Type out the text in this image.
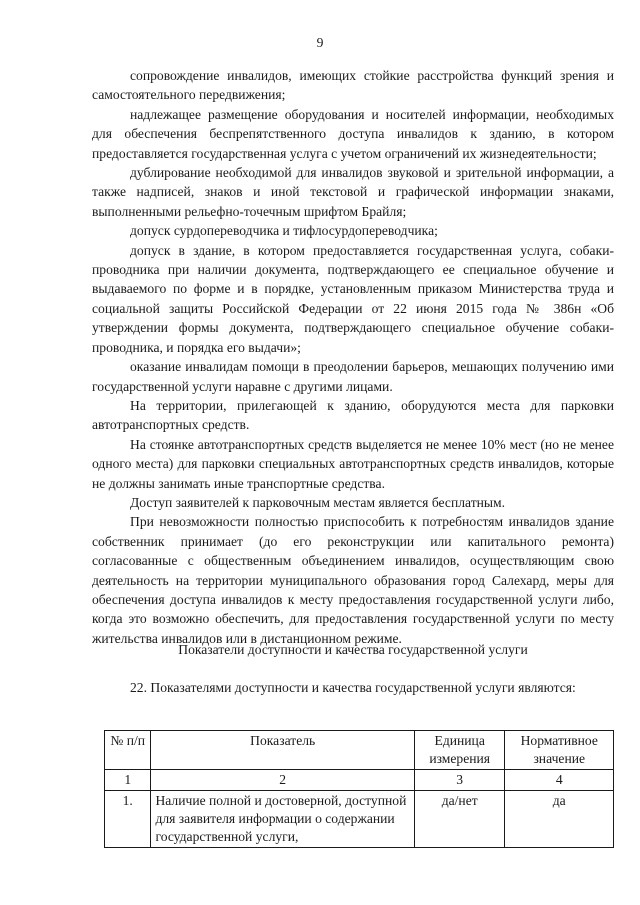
9

сопровождение инвалидов, имеющих стойкие расстройства функций зрения и самостоятельного передвижения;

надлежащее размещение оборудования и носителей информации, необходимых для обеспечения беспрепятственного доступа инвалидов к зданию, в котором предоставляется государственная услуга с учетом ограничений их жизнедеятельности;

дублирование необходимой для инвалидов звуковой и зрительной информации, а также надписей, знаков и иной текстовой и графической информации знаками, выполненными рельефно-точечным шрифтом Брайля;

допуск сурдопереводчика и тифлосурдопереводчика;

допуск в здание, в котором предоставляется государственная услуга, собаки-проводника при наличии документа, подтверждающего ее специальное обучение и выдаваемого по форме и в порядке, установленным приказом Министерства труда и социальной защиты Российской Федерации от 22 июня 2015 года № 386н «Об утверждении формы документа, подтверждающего специальное обучение собаки-проводника, и порядка его выдачи»;

оказание инвалидам помощи в преодолении барьеров, мешающих получению ими государственной услуги наравне с другими лицами.

На территории, прилегающей к зданию, оборудуются места для парковки автотранспортных средств.

На стоянке автотранспортных средств выделяется не менее 10% мест (но не менее одного места) для парковки специальных автотранспортных средств инвалидов, которые не должны занимать иные транспортные средства.

Доступ заявителей к парковочным местам является бесплатным.

При невозможности полностью приспособить к потребностям инвалидов здание собственник принимает (до его реконструкции или капитального ремонта) согласованные с общественным объединением инвалидов, осуществляющим свою деятельность на территории муниципального образования город Салехард, меры для обеспечения доступа инвалидов к месту предоставления государственной услуги либо, когда это возможно обеспечить, для предоставления государственной услуги по месту жительства инвалидов или в дистанционном режиме.

Показатели доступности и качества государственной услуги
22. Показателями доступности и качества государственной услуги являются:
№ п/п	Показатель	Единица измерения	Нормативное значение
1	2	3	4
1.	Наличие полной и достоверной, доступной для заявителя информации о содержании государственной услуги,	да/нет	да
